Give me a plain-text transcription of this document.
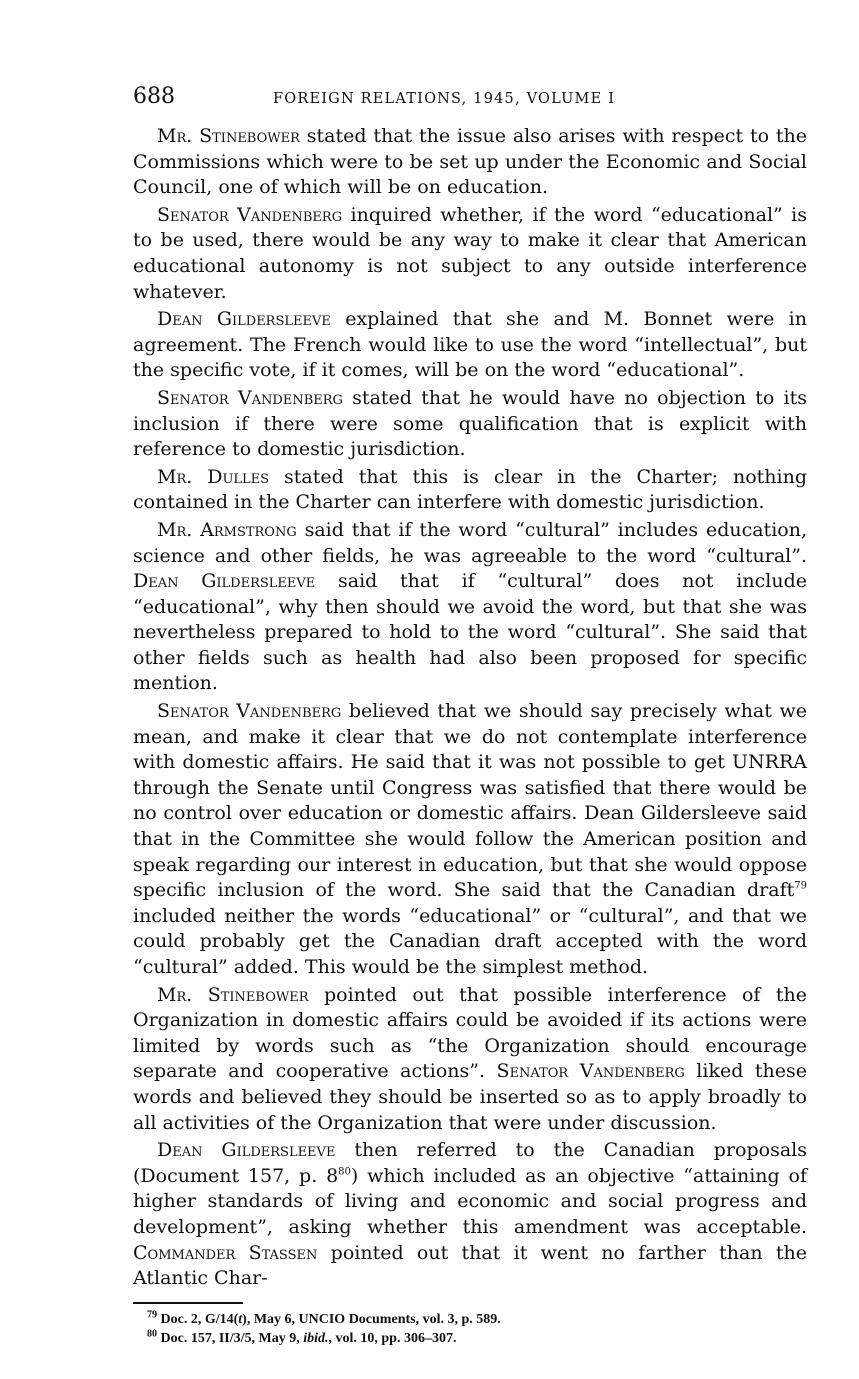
688	FOREIGN RELATIONS, 1945, VOLUME I

Mr. Stinebower stated that the issue also arises with respect to the Commissions which were to be set up under the Economic and Social Council, one of which will be on education.

Senator Vandenberg inquired whether, if the word “educational” is to be used, there would be any way to make it clear that American educational autonomy is not subject to any outside interference whatever.

Dean Gildersleeve explained that she and M. Bonnet were in agreement. The French would like to use the word “intellectual”, but the specific vote, if it comes, will be on the word “educational”.

Senator Vandenberg stated that he would have no objection to its inclusion if there were some qualification that is explicit with reference to domestic jurisdiction.

Mr. Dulles stated that this is clear in the Charter; nothing contained in the Charter can interfere with domestic jurisdiction.

Mr. Armstrong said that if the word “cultural” includes education, science and other fields, he was agreeable to the word “cultural”. Dean Gildersleeve said that if “cultural” does not include “educational”, why then should we avoid the word, but that she was nevertheless prepared to hold to the word “cultural”. She said that other fields such as health had also been proposed for specific mention.

Senator Vandenberg believed that we should say precisely what we mean, and make it clear that we do not contemplate interference with domestic affairs. He said that it was not possible to get UNRRA through the Senate until Congress was satisfied that there would be no control over education or domestic affairs. Dean Gildersleeve said that in the Committee she would follow the American position and speak regarding our interest in education, but that she would oppose specific inclusion of the word. She said that the Canadian draft$^{79}$ included neither the words “educational” or “cultural”, and that we could probably get the Canadian draft accepted with the word “cultural” added. This would be the simplest method.

Mr. Stinebower pointed out that possible interference of the Organization in domestic affairs could be avoided if its actions were limited by words such as “the Organization should encourage separate and cooperative actions”. Senator Vandenberg liked these words and believed they should be inserted so as to apply broadly to all activities of the Organization that were under discussion.

Dean Gildersleeve then referred to the Canadian proposals (Document 157, p. $8^{80}$) which included as an objective “attaining of higher standards of living and economic and social progress and development”, asking whether this amendment was acceptable. Commander Stassen pointed out that it went no farther than the Atlantic Char-

$^{79}$ Doc. 2, G/14(t), May 6, UNCIO Documents, vol. 3, p. 589.
$^{80}$ Doc. 157, II/3/5, May 9, ibid., vol. 10, pp. 306–307.
